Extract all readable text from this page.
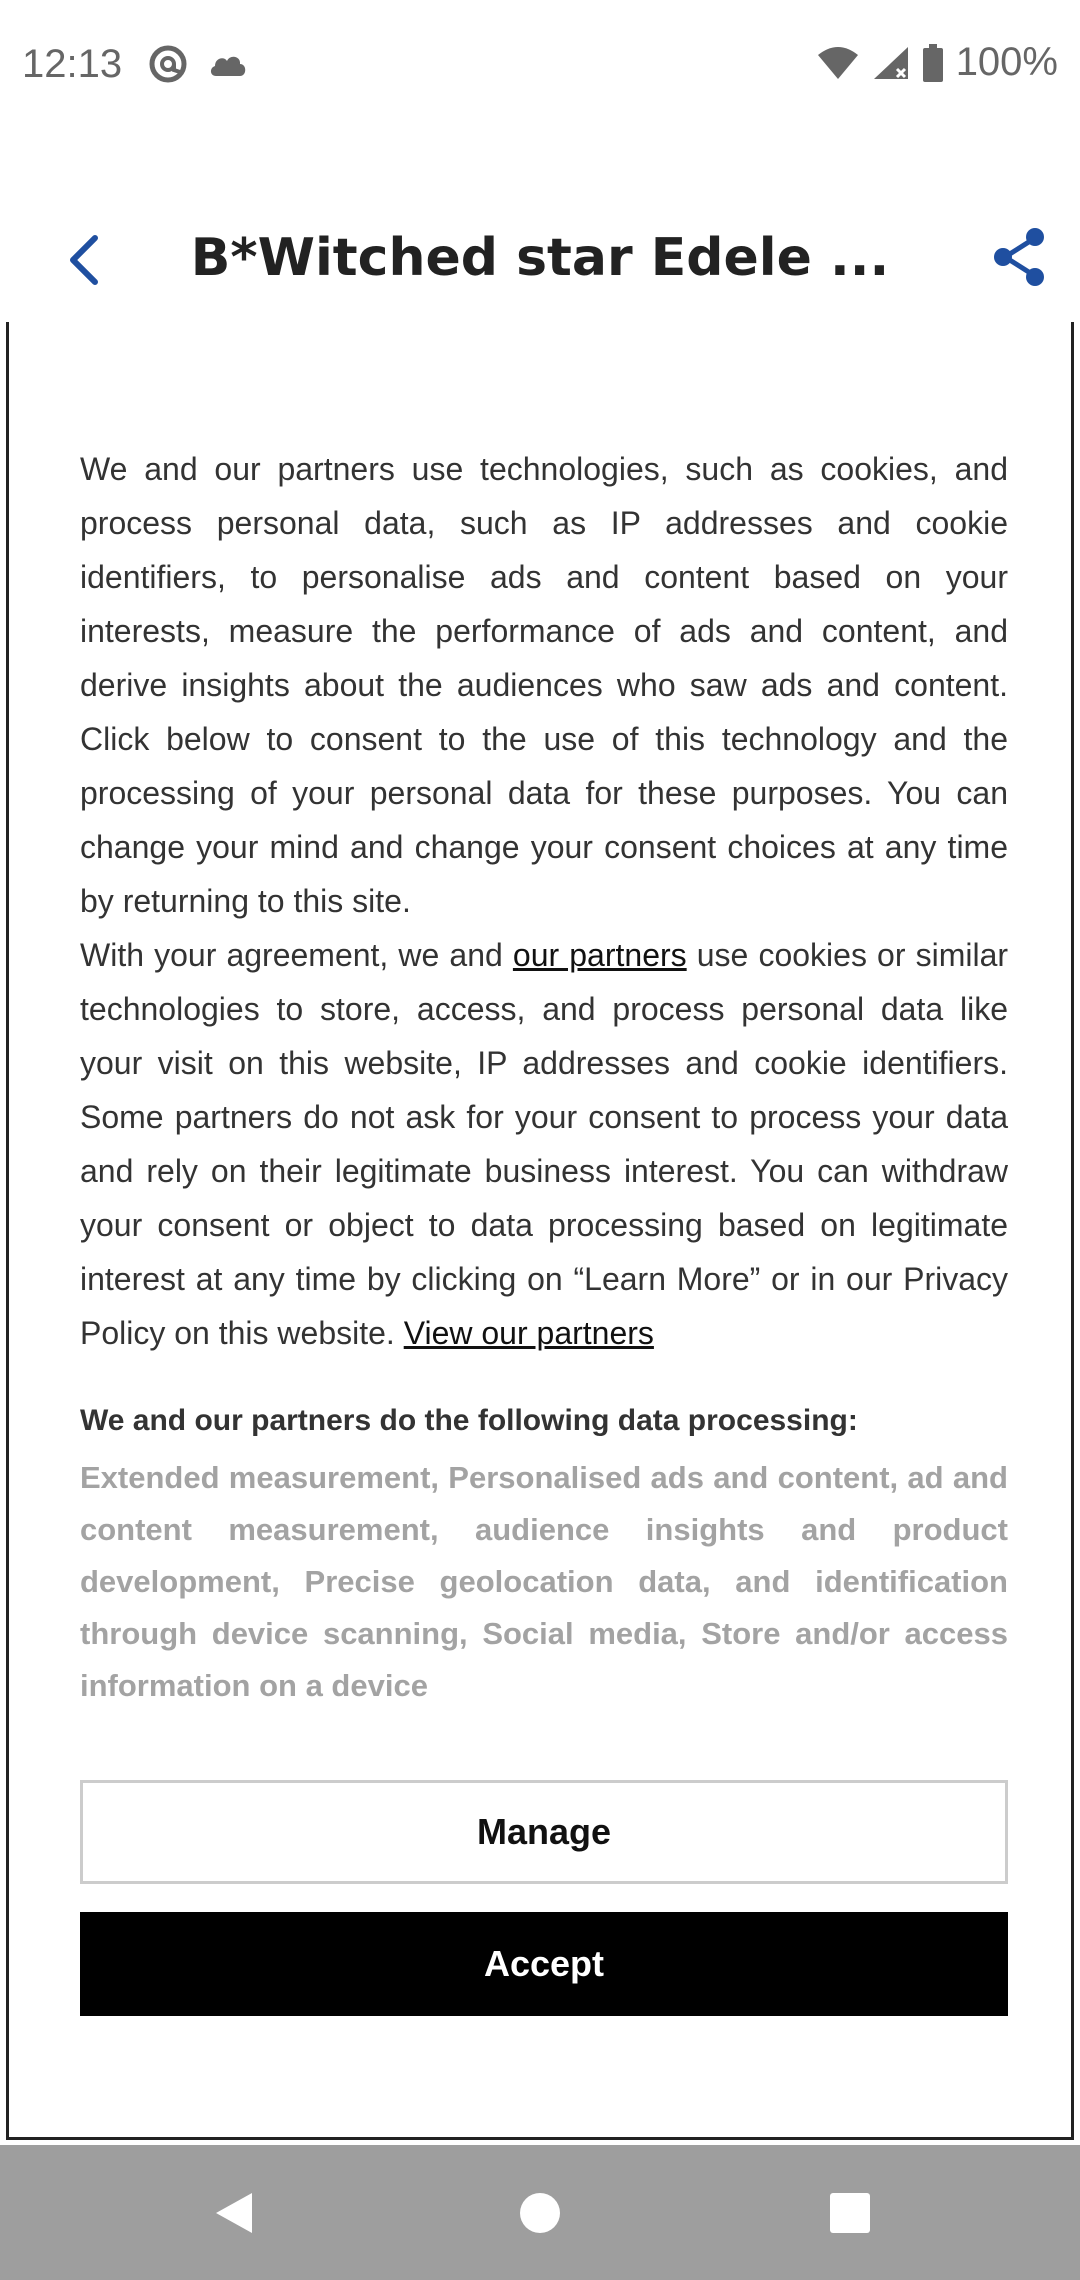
12:13	100%
B*Witched star Edele ...

We and our partners use technologies, such as cookies, and process personal data, such as IP addresses and cookie identifiers, to personalise ads and content based on your interests, measure the performance of ads and content, and derive insights about the audiences who saw ads and content. Click below to consent to the use of this technology and the processing of your personal data for these purposes. You can change your mind and change your consent choices at any time by returning to this site.

With your agreement, we and our partners use cookies or similar technologies to store, access, and process personal data like your visit on this website, IP addresses and cookie identifiers. Some partners do not ask for your consent to process your data and rely on their legitimate business interest. You can withdraw your consent or object to data processing based on legitimate interest at any time by clicking on “Learn More” or in our Privacy Policy on this website. View our partners

We and our partners do the following data processing:
Extended measurement, Personalised ads and content, ad and content measurement, audience insights and product development, Precise geolocation data, and identification through device scanning, Social media, Store and/or access information on a device
Manage
Accept
